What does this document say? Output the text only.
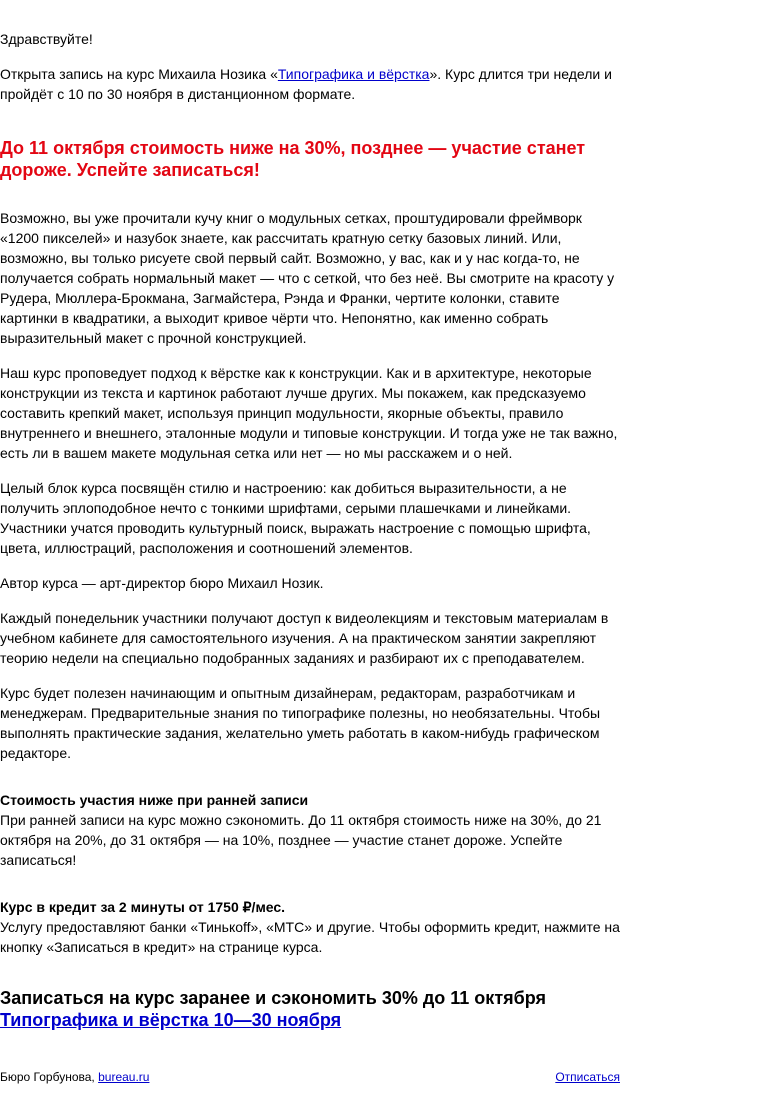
Здравствуйте!

Открыта запись на курс Михаила Нозика «Типографика и вёрстка». Курс длится три недели и пройдёт с 10 по 30 ноября в дистанционном формате.

До 11 октября стоимость ниже на 30%, позднее — участие станет дороже. Успейте записаться!

Возможно, вы уже прочитали кучу книг о модульных сетках, проштудировали фреймворк «1200 пикселей» и назубок знаете, как рассчитать кратную сетку базовых линий. Или, возможно, вы только рисуете свой первый сайт. Возможно, у вас, как и у нас когда-то, не получается собрать нормальный макет — что с сеткой, что без неё. Вы смотрите на красоту у Рудера, Мюллера-Брокмана, Загмайстера, Рэнда и Франки, чертите колонки, ставите картинки в квадратики, а выходит кривое чёрти что. Непонятно, как именно собрать выразительный макет с прочной конструкцией.

Наш курс проповедует подход к вёрстке как к конструкции. Как и в архитектуре, некоторые конструкции из текста и картинок работают лучше других. Мы покажем, как предсказуемо составить крепкий макет, используя принцип модульности, якорные объекты, правило внутреннего и внешнего, эталонные модули и типовые конструкции. И тогда уже не так важно, есть ли в вашем макете модульная сетка или нет — но мы расскажем и о ней.

Целый блок курса посвящён стилю и настроению: как добиться выразительности, а не получить эплоподобное нечто с тонкими шрифтами, серыми плашечками и линейками. Участники учатся проводить культурный поиск, выражать настроение с помощью шрифта, цвета, иллюстраций, расположения и соотношений элементов.

Автор курса — арт-директор бюро Михаил Нозик.

Каждый понедельник участники получают доступ к видеолекциям и текстовым материалам в учебном кабинете для самостоятельного изучения. А на практическом занятии закрепляют теорию недели на специально подобранных заданиях и разбирают их с преподавателем.

Курс будет полезен начинающим и опытным дизайнерам, редакторам, разработчикам и менеджерам. Предварительные знания по типографике полезны, но необязательны. Чтобы выполнять практические задания, желательно уметь работать в каком-нибудь графическом редакторе.

Стоимость участия ниже при ранней записи

При ранней записи на курс можно сэкономить. До 11 октября стоимость ниже на 30%, до 21 октября на 20%, до 31 октября — на 10%, позднее — участие станет дороже. Успейте записаться!

Курс в кредит за 2 минуты от 1750 ₽/мес.

Услугу предоставляют банки «Тинькоff», «МТС» и другие. Чтобы оформить кредит, нажмите на кнопку «Записаться в кредит» на странице курса.

Записаться на курс заранее и сэкономить 30% до 11 октября

Типографика и вёрстка 10—30 ноября
Бюро Горбунова, bureau.ru	Отписаться
